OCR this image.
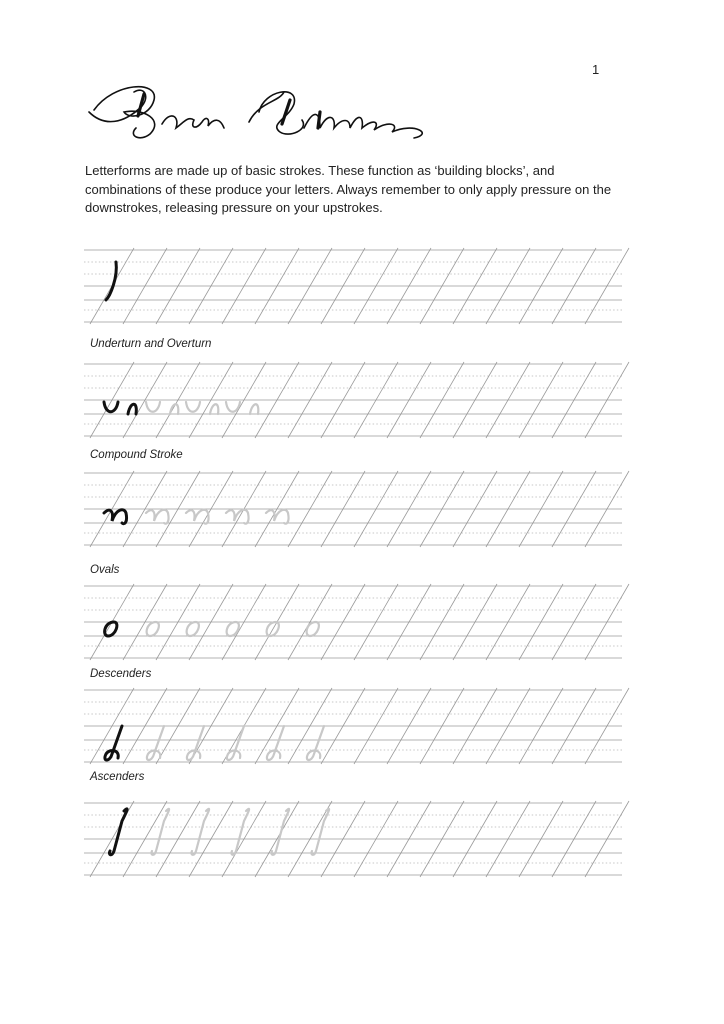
1

Letterforms are made up of basic strokes. These function as ‘building blocks’, and combinations of these produce your letters. Always remember to only apply pressure on the downstrokes, releasing pressure on your upstrokes.

Underturn and Overturn
Compound Stroke
Ovals
Descenders
Ascenders
